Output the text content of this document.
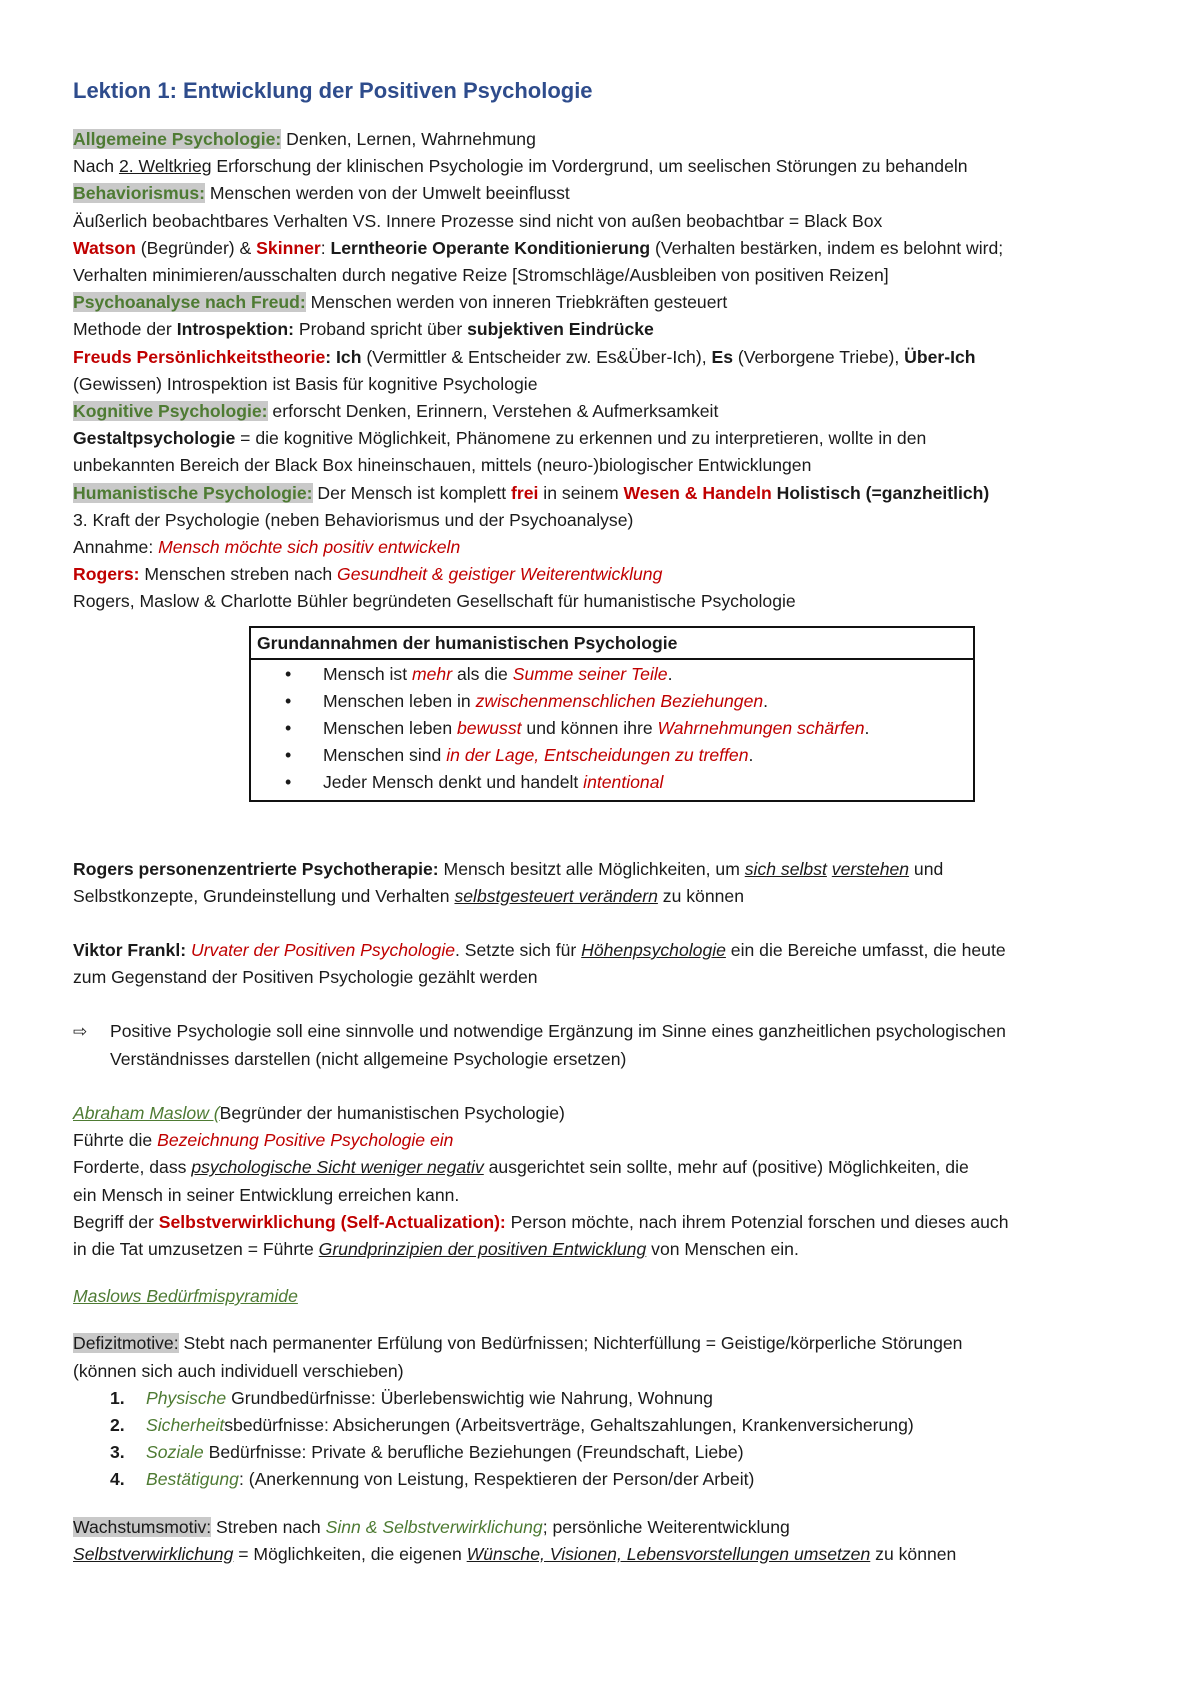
Lektion 1: Entwicklung der Positiven Psychologie
Allgemeine Psychologie: Denken, Lernen, Wahrnehmung
Nach 2. Weltkrieg Erforschung der klinischen Psychologie im Vordergrund, um seelischen Störungen zu behandeln
Behaviorismus: Menschen werden von der Umwelt beeinflusst
Äußerlich beobachtbares Verhalten VS. Innere Prozesse sind nicht von außen beobachtbar = Black Box
Watson (Begründer) & Skinner: Lerntheorie Operante Konditionierung (Verhalten bestärken, indem es belohnt wird;
Verhalten minimieren/ausschalten durch negative Reize [Stromschläge/Ausbleiben von positiven Reizen]
Psychoanalyse nach Freud: Menschen werden von inneren Triebkräften gesteuert
Methode der Introspektion: Proband spricht über subjektiven Eindrücke
Freuds Persönlichkeitstheorie: Ich (Vermittler & Entscheider zw. Es&Über-Ich), Es (Verborgene Triebe), Über-Ich
(Gewissen) Introspektion ist Basis für kognitive Psychologie
Kognitive Psychologie: erforscht Denken, Erinnern, Verstehen & Aufmerksamkeit
Gestaltpsychologie = die kognitive Möglichkeit, Phänomene zu erkennen und zu interpretieren, wollte in den
unbekannten Bereich der Black Box hineinschauen, mittels (neuro-)biologischer Entwicklungen
Humanistische Psychologie: Der Mensch ist komplett frei in seinem Wesen & Handeln Holistisch (=ganzheitlich)
3. Kraft der Psychologie (neben Behaviorismus und der Psychoanalyse)
Annahme: Mensch möchte sich positiv entwickeln
Rogers: Menschen streben nach Gesundheit & geistiger Weiterentwicklung
Rogers, Maslow & Charlotte Bühler begründeten Gesellschaft für humanistische Psychologie
Grundannahmen der humanistischen Psychologie
• Mensch ist mehr als die Summe seiner Teile.
• Menschen leben in zwischenmenschlichen Beziehungen.
• Menschen leben bewusst und können ihre Wahrnehmungen schärfen.
• Menschen sind in der Lage, Entscheidungen zu treffen.
• Jeder Mensch denkt und handelt intentional
Rogers personenzentrierte Psychotherapie: Mensch besitzt alle Möglichkeiten, um sich selbst verstehen und
Selbstkonzepte, Grundeinstellung und Verhalten selbstgesteuert verändern zu können
Viktor Frankl: Urvater der Positiven Psychologie. Setzte sich für Höhenpsychologie ein die Bereiche umfasst, die heute
zum Gegenstand der Positiven Psychologie gezählt werden
⇨ Positive Psychologie soll eine sinnvolle und notwendige Ergänzung im Sinne eines ganzheitlichen psychologischen
Verständnisses darstellen (nicht allgemeine Psychologie ersetzen)
Abraham Maslow (Begründer der humanistischen Psychologie)
Führte die Bezeichnung Positive Psychologie ein
Forderte, dass psychologische Sicht weniger negativ ausgerichtet sein sollte, mehr auf (positive) Möglichkeiten, die
ein Mensch in seiner Entwicklung erreichen kann.
Begriff der Selbstverwirklichung (Self-Actualization): Person möchte, nach ihrem Potenzial forschen und dieses auch
in die Tat umzusetzen = Führte Grundprinzipien der positiven Entwicklung von Menschen ein.
Maslows Bedürfmispyramide
Defizitmotive: Stebt nach permanenter Erfülung von Bedürfnissen; Nichterfüllung = Geistige/körperliche Störungen
(können sich auch individuell verschieben)
1. Physische Grundbedürfnisse: Überlebenswichtig wie Nahrung, Wohnung
2. Sicherheitsbedürfnisse: Absicherungen (Arbeitsverträge, Gehaltszahlungen, Krankenversicherung)
3. Soziale Bedürfnisse: Private & berufliche Beziehungen (Freundschaft, Liebe)
4. Bestätigung: (Anerkennung von Leistung, Respektieren der Person/der Arbeit)
Wachstumsmotiv: Streben nach Sinn & Selbstverwirklichung; persönliche Weiterentwicklung
Selbstverwirklichung = Möglichkeiten, die eigenen Wünsche, Visionen, Lebensvorstellungen umsetzen zu können
